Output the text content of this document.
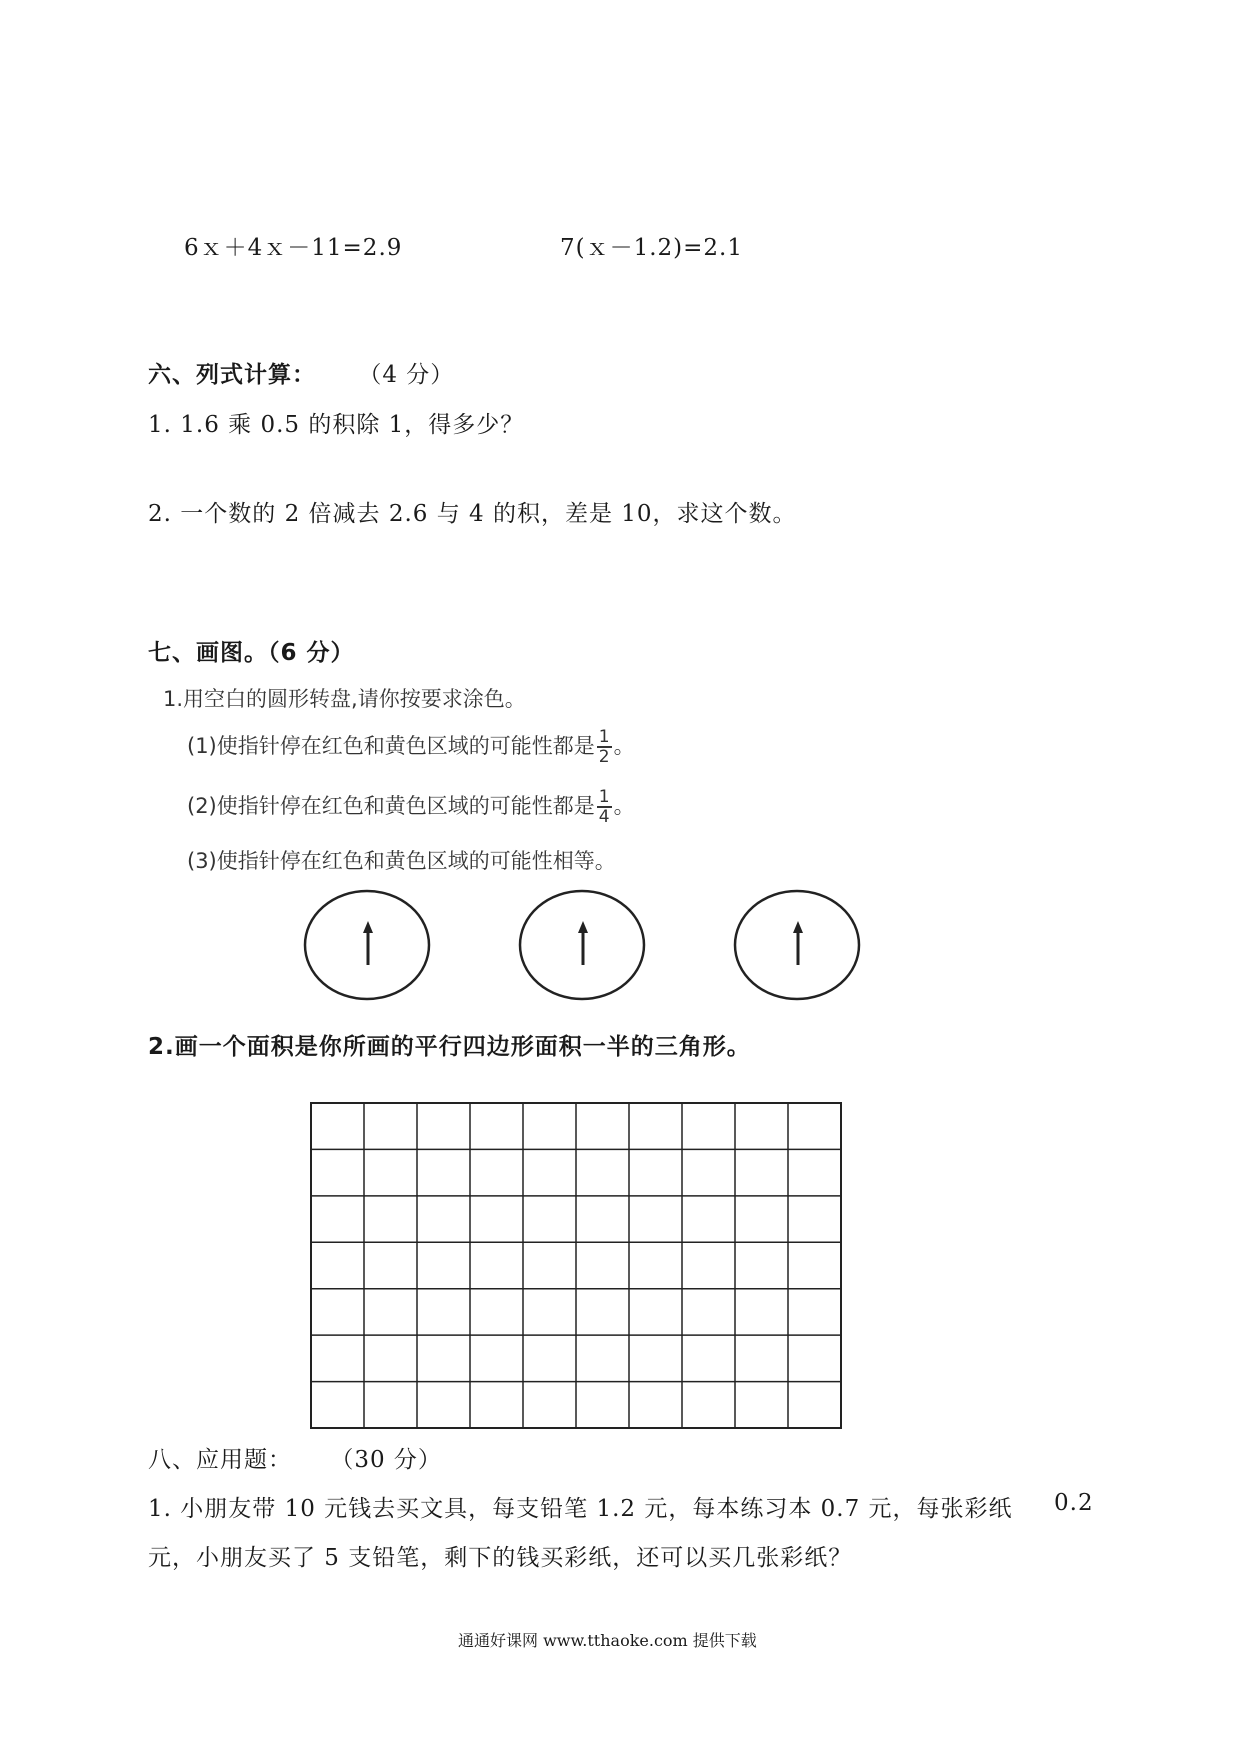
6ｘ＋4ｘ－11=2.9	7(ｘ－1.2)=2.1
六、列式计算： （4 分）
1. 1.6 乘 0.5 的积除 1，得多少？
2. 一个数的 2 倍减去 2.6 与 4 的积，差是 10，求这个数。
七、画图。（6 分）
1.用空白的圆形转盘,请你按要求涂色。
(1)使指针停在红色和黄色区域的可能性都是 $\frac{1}{2}$ 。
(2)使指针停在红色和黄色区域的可能性都是 $\frac{1}{4}$ 。
(3)使指针停在红色和黄色区域的可能性相等。
2.画一个面积是你所画的平行四边形面积一半的三角形。
八、应用题： （30 分）
1. 小朋友带 10 元钱去买文具，每支铅笔 1.2 元，每本练习本 0.7 元，每张彩纸 0.2
元，小朋友买了 5 支铅笔，剩下的钱买彩纸，还可以买几张彩纸？
通通好课网 www.tthaoke.com 提供下载
